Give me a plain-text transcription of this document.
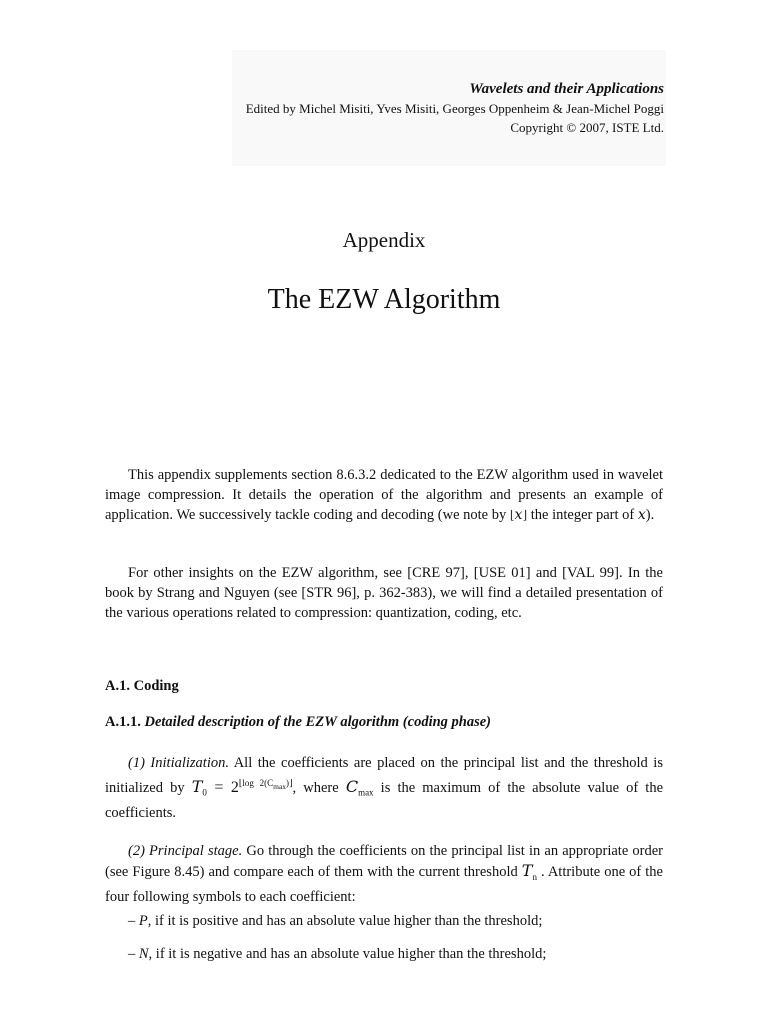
Wavelets and their Applications
Edited by Michel Misiti, Yves Misiti, Georges Oppenheim & Jean-Michel Poggi
Copyright © 2007, ISTE Ltd.
Appendix
The EZW Algorithm

This appendix supplements section 8.6.3.2 dedicated to the EZW algorithm used in wavelet image compression. It details the operation of the algorithm and presents an example of application. We successively tackle coding and decoding (we note by ⌊x⌋ the integer part of x).

For other insights on the EZW algorithm, see [CRE 97], [USE 01] and [VAL 99]. In the book by Strang and Nguyen (see [STR 96], p. 362-383), we will find a detailed presentation of the various operations related to compression: quantization, coding, etc.

A.1. Coding
A.1.1. Detailed description of the EZW algorithm (coding phase)

(1) Initialization. All the coefficients are placed on the principal list and the threshold is initialized by $T_0 = 2^{⌊log 2(C_{max})⌋}$, where $C_{max}$ is the maximum of the absolute value of the coefficients.

(2) Principal stage. Go through the coefficients on the principal list in an appropriate order (see Figure 8.45) and compare each of them with the current threshold $T_n$ . Attribute one of the four following symbols to each coefficient:

– P, if it is positive and has an absolute value higher than the threshold;
– N, if it is negative and has an absolute value higher than the threshold;
